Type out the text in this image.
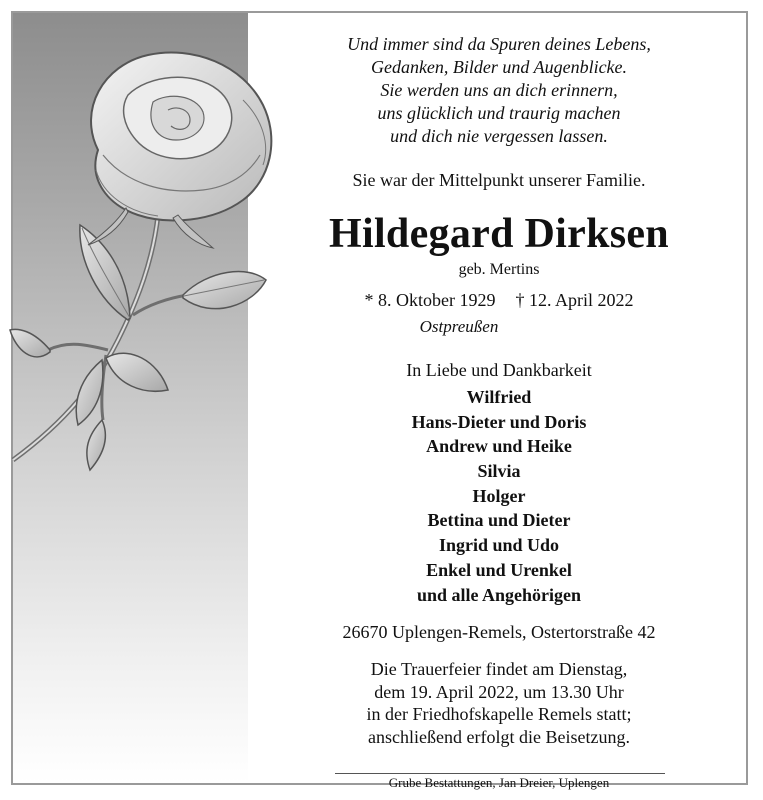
Und immer sind da Spuren deines Lebens,
Gedanken, Bilder und Augenblicke.
Sie werden uns an dich erinnern,
uns glücklich und traurig machen
und dich nie vergessen lassen.
Sie war der Mittelpunkt unserer Familie.
Hildegard Dirksen
geb. Mertins
* 8. Oktober 1929 † 12. April 2022
Ostpreußen
In Liebe und Dankbarkeit
Wilfried
Hans-Dieter und Doris
Andrew und Heike
Silvia
Holger
Bettina und Dieter
Ingrid und Udo
Enkel und Urenkel
und alle Angehörigen
26670 Uplengen-Remels, Ostertorstraße 42
Die Trauerfeier findet am Dienstag,
dem 19. April 2022, um 13.30 Uhr
in der Friedhofskapelle Remels statt;
anschließend erfolgt die Beisetzung.
Grube Bestattungen, Jan Dreier, Uplengen
